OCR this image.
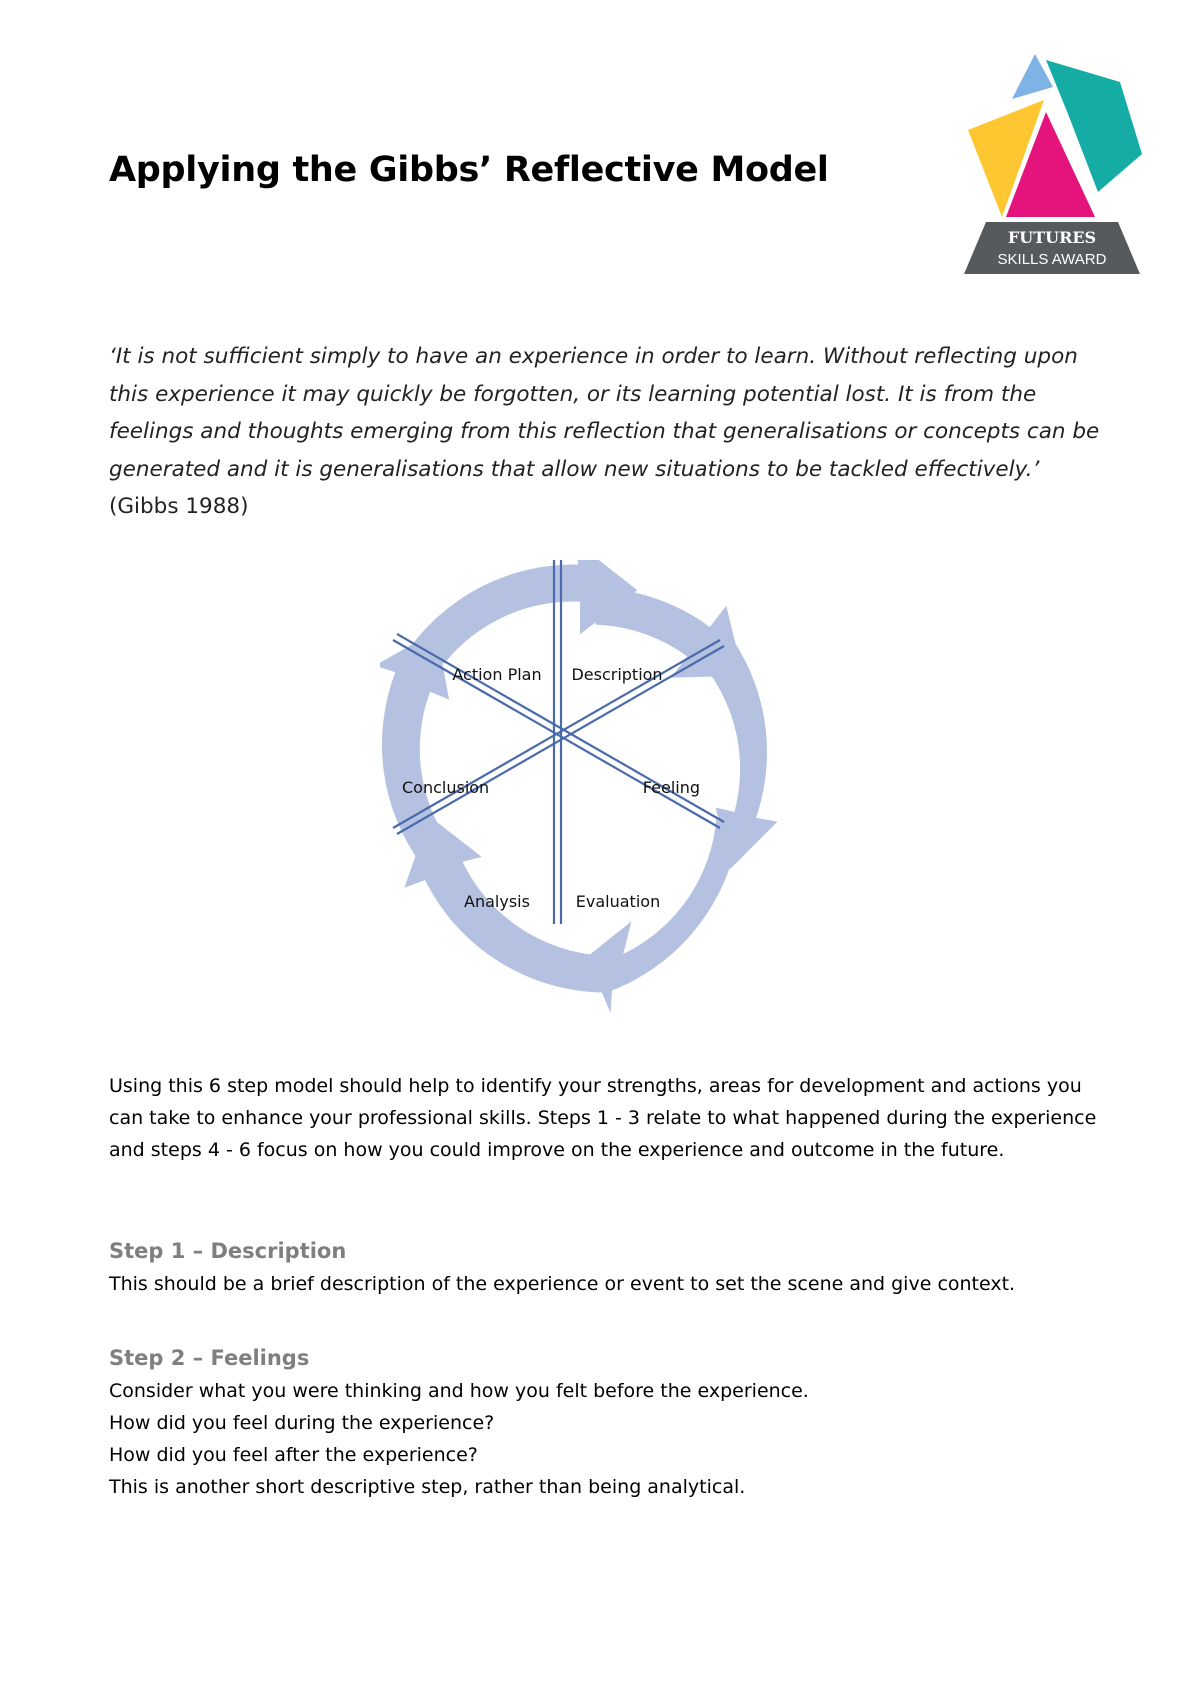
Applying the Gibbs’ Reflective Model
FUTURES
SKILLS AWARD

‘It is not sufficient simply to have an experience in order to learn. Without reflecting upon this experience it may quickly be forgotten, or its learning potential lost. It is from the feelings and thoughts emerging from this reflection that generalisations or concepts can be generated and it is generalisations that allow new situations to be tackled effectively.’  (Gibbs 1988)

Description
Feeling
Evaluation
Analysis
Conclusion
Action Plan

Using this 6 step model should help to identify your strengths, areas for development and actions you can take to enhance your professional skills. Steps 1 - 3 relate to what happened during the experience and steps 4 - 6 focus on how you could improve on the experience and outcome in the future.

Step 1 – Description

This should be a brief description of the experience or event to set the scene and give context.

Step 2 – Feelings

Consider what you were thinking and how you felt before the experience.

How did you feel during the experience?

How did you feel after the experience?

This is another short descriptive step, rather than being analytical.
